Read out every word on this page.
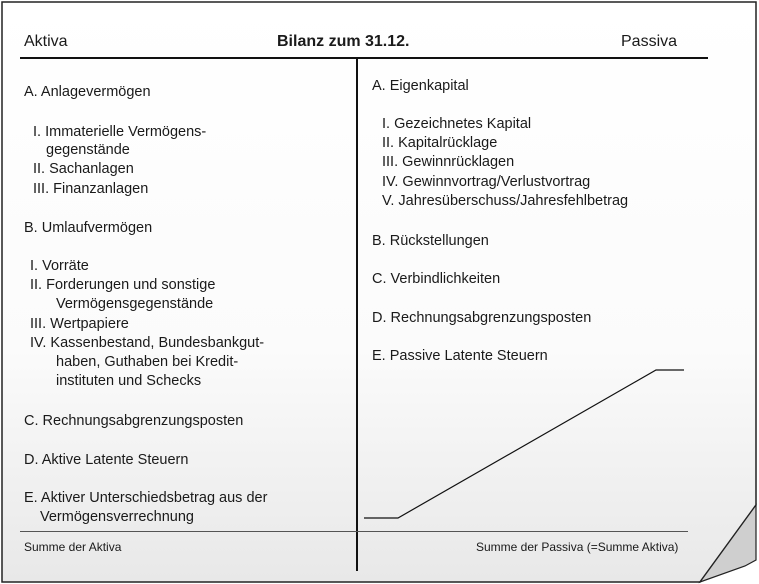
Aktiva	Bilanz zum 31.12.	Passiva
A. Anlagevermögen
I. Immaterielle Vermögens-
gegenstände
II. Sachanlagen
III. Finanzanlagen
B. Umlaufvermögen
I. Vorräte
II. Forderungen und sonstige
Vermögensgegenstände
III. Wertpapiere
IV. Kassenbestand, Bundesbankgut-
haben, Guthaben bei Kredit-
instituten und Schecks
C. Rechnungsabgrenzungsposten
D. Aktive Latente Steuern
E. Aktiver Unterschiedsbetrag aus der
Vermögensverrechnung
A. Eigenkapital
I. Gezeichnetes Kapital
II. Kapitalrücklage
III. Gewinnrücklagen
IV. Gewinnvortrag/Verlustvortrag
V. Jahresüberschuss/Jahresfehlbetrag
B. Rückstellungen
C. Verbindlichkeiten
D. Rechnungsabgrenzungsposten
E. Passive Latente Steuern
Summe der Aktiva	Summe der Passiva (=Summe Aktiva)
